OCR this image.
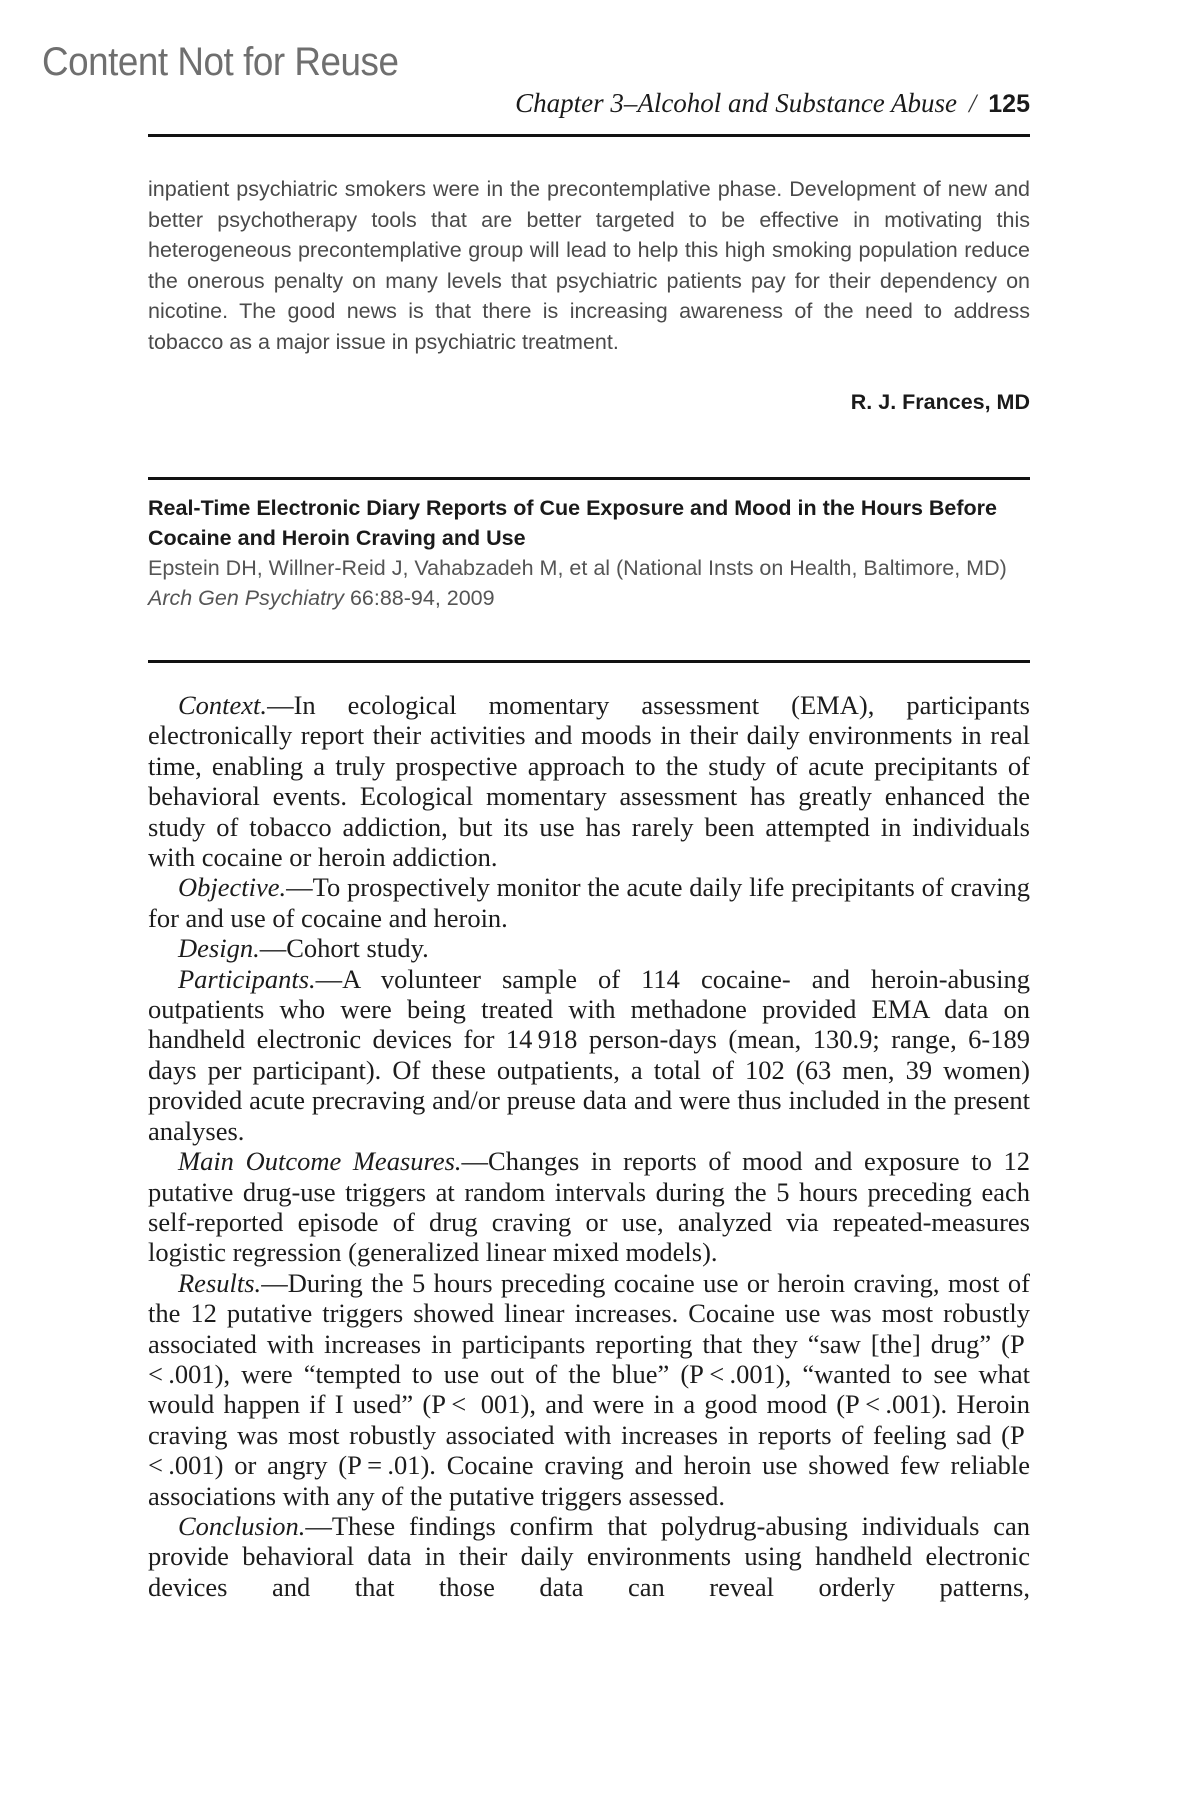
Content Not for Reuse
Chapter 3–Alcohol and Substance Abuse / 125

inpatient psychiatric smokers were in the precontemplative phase. Development of new and better psychotherapy tools that are better targeted to be effective in motivating this heterogeneous precontemplative group will lead to help this high smoking population reduce the onerous penalty on many levels that psychiatric patients pay for their dependency on nicotine. The good news is that there is increasing awareness of the need to address tobacco as a major issue in psychiatric treatment.

R. J. Frances, MD

Real-Time Electronic Diary Reports of Cue Exposure and Mood in the Hours Before Cocaine and Heroin Craving and Use

Epstein DH, Willner-Reid J, Vahabzadeh M, et al (National Insts on Health, Baltimore, MD)

Arch Gen Psychiatry 66:88-94, 2009

Context.—In ecological momentary assessment (EMA), participants electronically report their activities and moods in their daily environments in real time, enabling a truly prospective approach to the study of acute precipitants of behavioral events. Ecological momentary assessment has greatly enhanced the study of tobacco addiction, but its use has rarely been attempted in individuals with cocaine or heroin addiction.

Objective.—To prospectively monitor the acute daily life precipitants of craving for and use of cocaine and heroin.

Design.—Cohort study.

Participants.—A volunteer sample of 114 cocaine- and heroin-abusing outpatients who were being treated with methadone provided EMA data on handheld electronic devices for 14 918 person-days (mean, 130.9; range, 6-189 days per participant). Of these outpatients, a total of 102 (63 men, 39 women) provided acute precraving and/or preuse data and were thus included in the present analyses.

Main Outcome Measures.—Changes in reports of mood and exposure to 12 putative drug-use triggers at random intervals during the 5 hours preceding each self-reported episode of drug craving or use, analyzed via repeated-measures logistic regression (generalized linear mixed models).

Results.—During the 5 hours preceding cocaine use or heroin craving, most of the 12 putative triggers showed linear increases. Cocaine use was most robustly associated with increases in participants reporting that they “saw [the] drug” (P < .001), were “tempted to use out of the blue” (P < .001), “wanted to see what would happen if I used” (P <  001), and were in a good mood (P < .001). Heroin craving was most robustly associated with increases in reports of feeling sad (P < .001) or angry (P = .01). Cocaine craving and heroin use showed few reliable associations with any of the putative triggers assessed.

Conclusion.—These findings confirm that polydrug-abusing individuals can provide behavioral data in their daily environments using handheld electronic devices and that those data can reveal orderly patterns,
